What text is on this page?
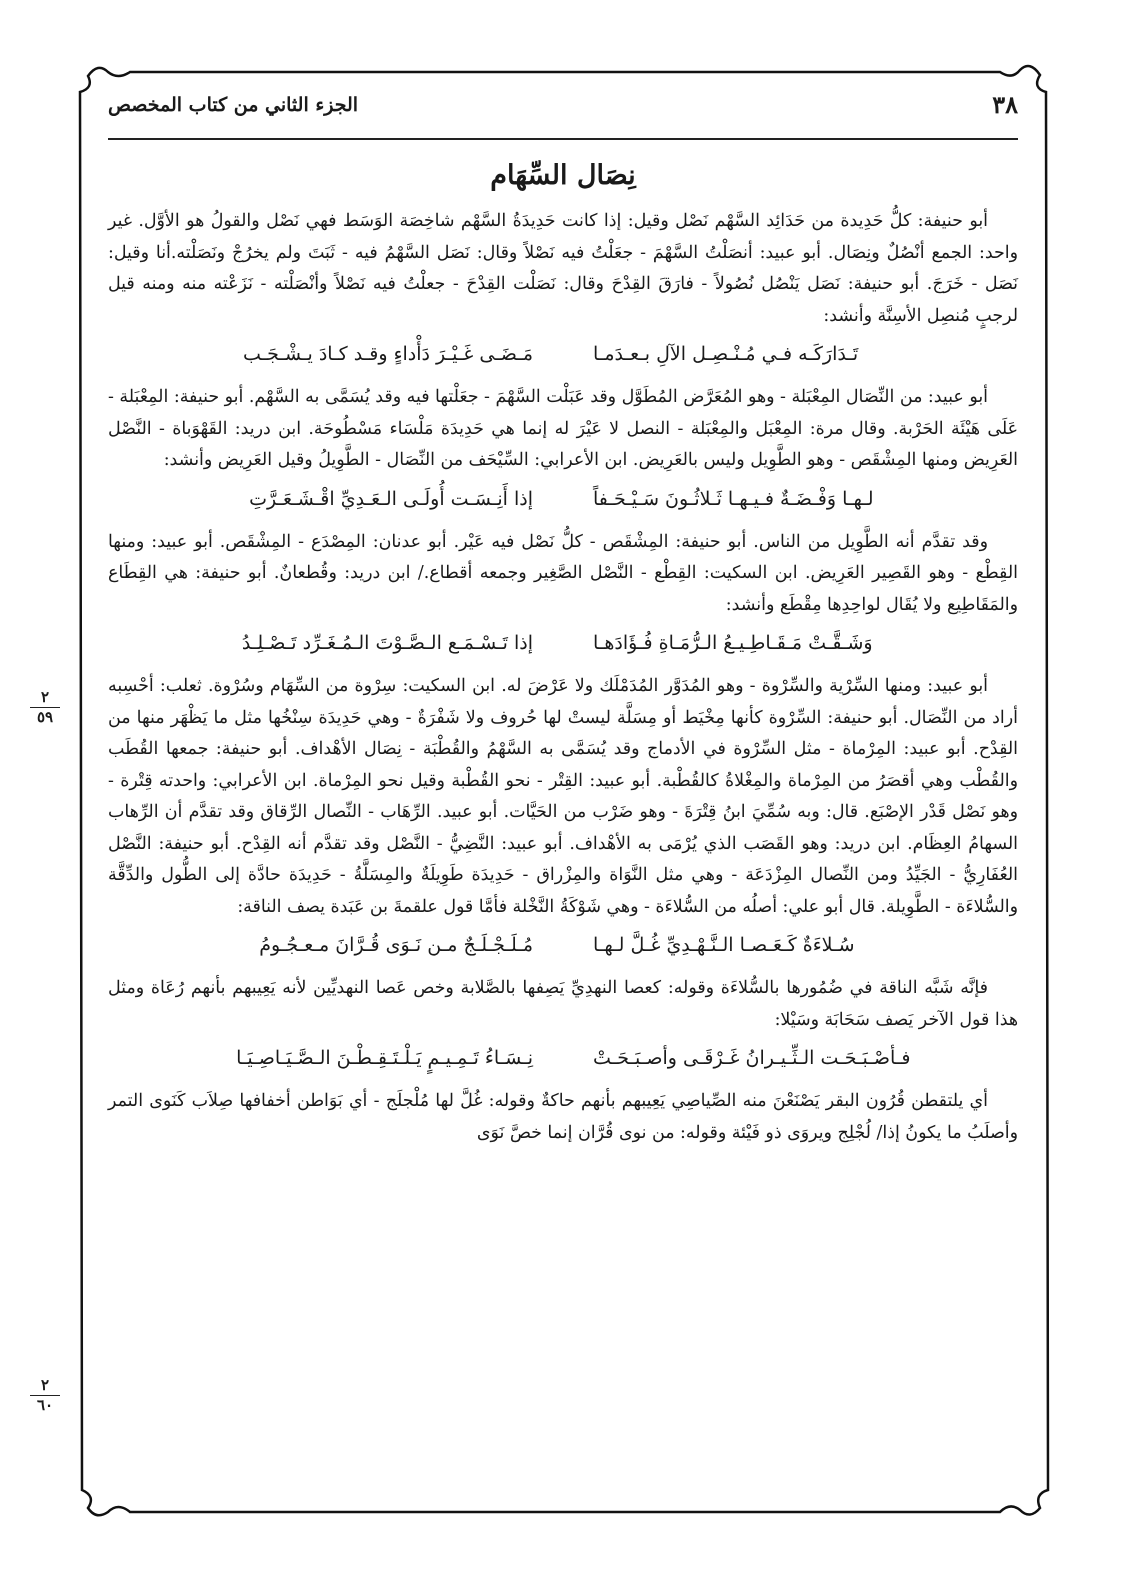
٣٨
الجزء الثاني من كتاب المخصص
نِصَال السِّهَام

أبو حنيفة: كلُّ حَدِيدة من حَدَائِد السَّهْم نَصْل وقيل: إذا كانت حَدِيدَةُ السَّهْم شاخِصَة الوَسَط فهي نَصْل والقولُ هو الأوَّل. غير واحد: الجمع أنْصُلٌ ونِصَال. أبو عبيد: أنصَلْتُ السَّهْمَ - جعَلْتُ فيه نَصْلاً وقال: نَصَل السَّهْمُ فيه - ثَبَتَ ولم يخرُجْ ونَصَلْته.أنا وقيل: نَصَل - خَرَجَ. أبو حنيفة: نَصَل يَنْصُل نُصُولاً - فارَقَ القِدْحَ وقال: نَصَلْت القِدْحَ - جعلْتُ فيه نَصْلاً وأنْصَلْته - نَزَعْته منه ومنه قيل لرجبٍ مُنصِل الأسِنَّة وأنشد:

تَـدَارَكَـه فـي مُـنْـصِـل الآلِ بـعـدَمـا
مَـضَـى غَـيْـرَ دَأْداءٍ وقـد كـادَ يـشْـجَـب

أبو عبيد: من النِّصَال المِعْبَلة - وهو المُعَرَّض المُطَوَّل وقد عَبَلْت السَّهْمَ - جعَلْتها فيه وقد يُسَمَّى به السَّهْم. أبو حنيفة: المِعْبَلة - عَلَى هَيْئَة الحَرْبة. وقال مرة: المِعْبَل والمِعْبَلة - النصل لا عَيْرَ له إنما هي حَدِيدَة مَلْسَاء مَسْطُوحَة. ابن دريد: القَهْوَباة - النَّصْل العَرِيض ومنها المِشْقَص - وهو الطَّوِيل وليس بالعَرِيض. ابن الأعرابي: السِّيْحَف من النِّصَال - الطَّوِيلُ وقيل العَرِيض وأنشد:

لـهـا وَفْـضَـةٌ فـيـهـا ثَـلاثُـونَ سَـيْـحَـفاً
إذا أَنِـسَـت أُولَـى الـعَـدِيِّ اقْـشَـعَـرَّتِ

وقد تقدَّم أنه الطَّوِيل من الناس. أبو حنيفة: المِشْقَص - كلُّ نَصْل فيه عَيْر. أبو عدنان: المِصْدَع - المِشْقَص. أبو عبيد: ومنها القِطْع - وهو القَصِير العَرِيض. ابن السكيت: القِطْع - النَّصْل الصَّغِير وجمعه أقطاع./ ابن دريد: وقُطعانٌ. أبو حنيفة: هي القِطَاع والمَقَاطِيع ولا يُقَال لواحِدِها مِقْطَع وأنشد:

وَشَـقَّـتْ مَـقَـاطِـيـعُ الـرُّمَـاةِ فُـؤَادَهـا
إذا تَـسْـمَـع الـصَّـوْتَ الـمُـغَـرِّد تَـصْـلِـدُ

أبو عبيد: ومنها السِّرْية والسِّرْوة - وهو المُدَوَّر المُدَمْلَك ولا عَرْضَ له. ابن السكيت: سِرْوة من السِّهَام وسُرْوة. ثعلب: أحْسِبه أراد من النِّصَال. أبو حنيفة: السِّرْوة كأنها مِخْيَط أو مِسَلَّة ليستْ لها حُروف ولا شَفْرَةٌ - وهي حَدِيدَة سِنْخُها مثل ما يَظْهَر منها من القِدْح. أبو عبيد: المِرْماة - مثل السِّرْوة في الأدماج وقد يُسَمَّى به السَّهْمُ والقُطْبَة - نِصَال الأهْداف. أبو حنيفة: جمعها القُطَب والقُطْب وهي أقصَرُ من المِرْماة والمِغْلاةُ كالقُطْبة. أبو عبيد: القِتْر - نحو القُطْبة وقيل نحو المِرْماة. ابن الأعرابي: واحدته قِتْرة - وهو نَصْل قَدْر الإصْبَع. قال: وبه سُمِّيَ ابنُ قِتْرَةَ - وهو ضَرْب من الحَيَّات. أبو عبيد. الرِّهَاب - النِّصال الرِّقاق وقد تقدَّم أن الرِّهاب السهامُ العِظَام. ابن دريد: وهو القَصَب الذي يُرْمَى به الأهْداف. أبو عبيد: النَّضِيُّ - النَّصْل وقد تقدَّم أنه القِدْح. أبو حنيفة: النَّصْل العُفَارِيُّ - الجَيِّدُ ومن النِّصال المِزْدَعَة - وهي مثل النَّوَاة والمِزْراق - حَدِيدَة طَوِيلَةٌ والمِسَلَّةُ - حَدِيدَة حادَّة إلى الطُّول والدِّقَّة والسُّلاءَة - الطَّوِيلة. قال أبو علي: أصلُه من السُّلاءَة - وهي شَوْكَةُ النَّخْلة فأمَّا قول علقمةَ بن عَبَدة يصف الناقة:

سُـلاءَةٌ كَـعَـصـا الـنَّـهْـدِيِّ غُـلَّ لـهـا
مُـلَـجْـلَـجٌ مـن نَـوَى قُـرَّانَ مـعـجُـومُ

فإنَّه شَبَّه الناقة في ضُمُورها بالسُّلاءَة وقوله: كعصا النهدِيِّ يَصِفها بالصَّلابة وخص عَصا النهديِّين لأنه يَعِيبهم بأنهم رُعَاة ومثل هذا قول الآخر يَصف سَحَابَة وسَيْلا:

فـأصْـبَـحَـت الـثِّـيـرانُ غَـرْقَـى وأصـبَـحَـتْ
نِـسَـاءُ تَـمِـيـمٍ يَـلْـتَـقِـطْـنَ الـصَّـيَـاصِـيَـا

أي يلتقطن قُرُون البقر يَصْنَعْنَ منه الصِّياصِي يَعِيبهم بأنهم حاكةٌ وقوله: غُلَّ لها مُلْجلَج - أي بَوَاطن أخفافها صِلاَب كَنَوى التمر وأصلَبُ ما يكونُ إذا/ لُجْلِج ويروَى ذو فَيْئة وقوله: من نوى قُرَّان إنما خصَّ نَوَى

٢
٥٩
٢
٦٠
